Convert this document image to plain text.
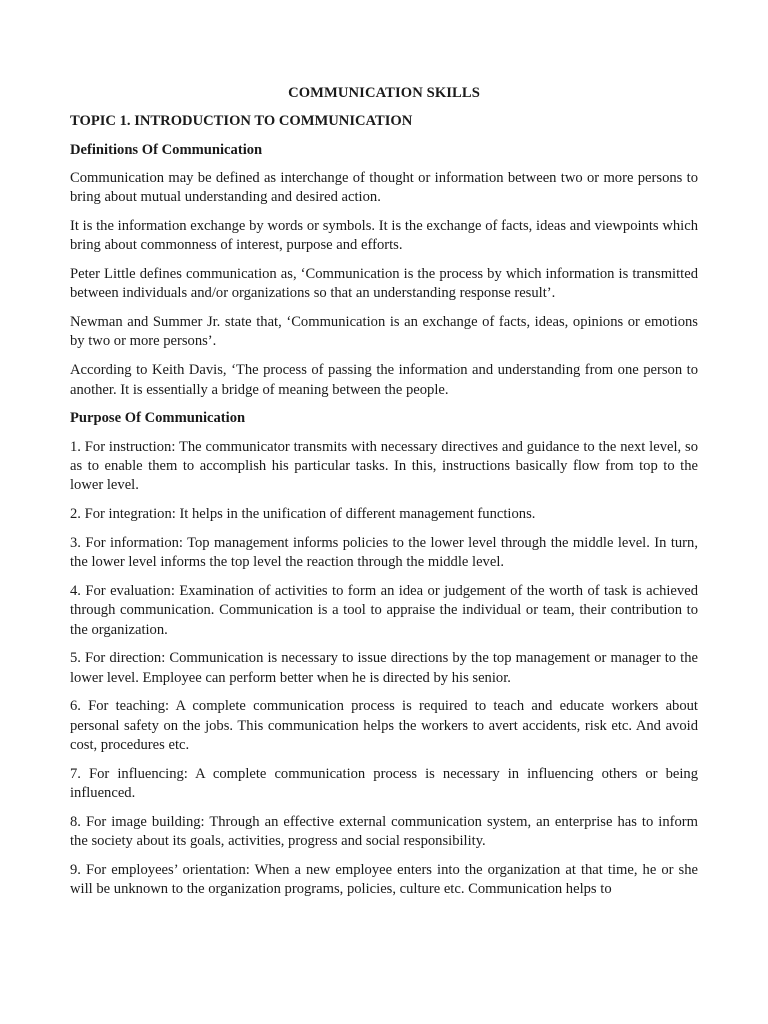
COMMUNICATION SKILLS
TOPIC 1. INTRODUCTION TO COMMUNICATION
Definitions Of Communication

Communication may be defined as interchange of thought or information between two or more persons to bring about mutual understanding and desired action.

It is the information exchange by words or symbols. It is the exchange of facts, ideas and viewpoints which bring about commonness of interest, purpose and efforts.

Peter Little defines communication as, ‘Communication is the process by which information is transmitted between individuals and/or organizations so that an understanding response result’.

Newman and Summer Jr. state that, ‘Communication is an exchange of facts, ideas, opinions or emotions by two or more persons’.

According to Keith Davis, ‘The process of passing the information and understanding from one person to another. It is essentially a bridge of meaning between the people.

Purpose Of Communication

1. For instruction: The communicator transmits with necessary directives and guidance to the next level, so as to enable them to accomplish his particular tasks. In this, instructions basically flow from top to the lower level.

2. For integration: It helps in the unification of different management functions.

3. For information: Top management informs policies to the lower level through the middle level. In turn, the lower level informs the top level the reaction through the middle level.

4. For evaluation: Examination of activities to form an idea or judgement of the worth of task is achieved through communication. Communication is a tool to appraise the individual or team, their contribution to the organization.

5. For direction: Communication is necessary to issue directions by the top management or manager to the lower level. Employee can perform better when he is directed by his senior.

6. For teaching: A complete communication process is required to teach and educate workers about personal safety on the jobs. This communication helps the workers to avert accidents, risk etc. And avoid cost, procedures etc.

7. For influencing: A complete communication process is necessary in influencing others or being influenced.

8. For image building: Through an effective external communication system, an enterprise has to inform the society about its goals, activities, progress and social responsibility.

9. For employees’ orientation: When a new employee enters into the organization at that time, he or she will be unknown to the organization programs, policies, culture etc. Communication helps to
